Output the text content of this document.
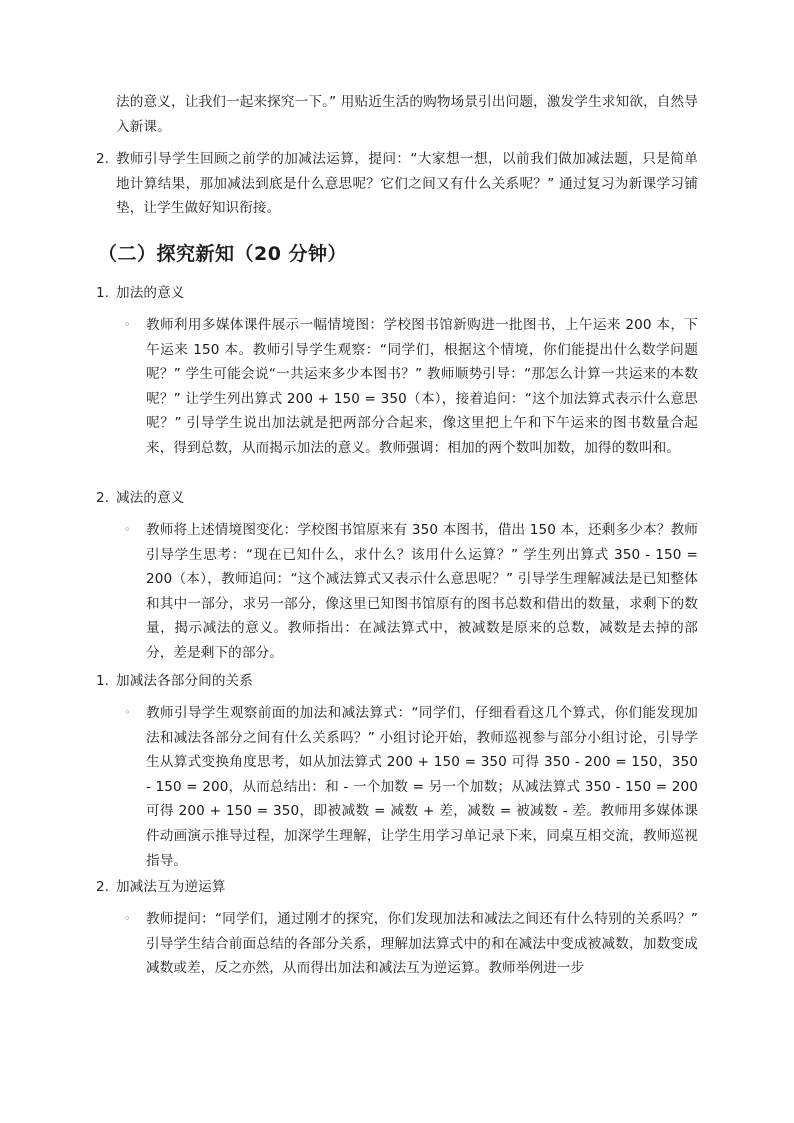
法的意义，让我们一起来探究一下。” 用贴近生活的购物场景引出问题，激发学生求知欲，自然导入新课。

2. 教师引导学生回顾之前学的加减法运算，提问：“大家想一想，以前我们做加减法题，只是简单地计算结果，那加减法到底是什么意思呢？它们之间又有什么关系呢？” 通过复习为新课学习铺垫，让学生做好知识衔接。

（二）探究新知（20 分钟）
1. 加法的意义
◦ 教师利用多媒体课件展示一幅情境图：学校图书馆新购进一批图书，上午运来 200 本，下午运来 150 本。教师引导学生观察：“同学们，根据这个情境，你们能提出什么数学问题呢？” 学生可能会说“一共运来多少本图书？” 教师顺势引导：“那怎么计算一共运来的本数呢？” 让学生列出算式 200 + 150 = 350（本），接着追问：“这个加法算式表示什么意思呢？” 引导学生说出加法就是把两部分合起来，像这里把上午和下午运来的图书数量合起来，得到总数，从而揭示加法的意义。教师强调：相加的两个数叫加数，加得的数叫和。

2. 减法的意义
◦ 教师将上述情境图变化：学校图书馆原来有 350 本图书，借出 150 本，还剩多少本？教师引导学生思考：“现在已知什么，求什么？该用什么运算？” 学生列出算式 350 - 150 = 200（本），教师追问：“这个减法算式又表示什么意思呢？” 引导学生理解减法是已知整体和其中一部分，求另一部分，像这里已知图书馆原有的图书总数和借出的数量，求剩下的数量，揭示减法的意义。教师指出：在减法算式中，被减数是原来的总数，减数是去掉的部分，差是剩下的部分。

1. 加减法各部分间的关系
◦ 教师引导学生观察前面的加法和减法算式：“同学们，仔细看看这几个算式，你们能发现加法和减法各部分之间有什么关系吗？” 小组讨论开始，教师巡视参与部分小组讨论，引导学生从算式变换角度思考，如从加法算式 200 + 150 = 350 可得 350 - 200 = 150，350 - 150 = 200，从而总结出：和 - 一个加数 = 另一个加数；从减法算式 350 - 150 = 200 可得 200 + 150 = 350，即被减数 = 减数 + 差，减数 = 被减数 - 差。教师用多媒体课件动画演示推导过程，加深学生理解，让学生用学习单记录下来，同桌互相交流，教师巡视指导。

2. 加减法互为逆运算
◦ 教师提问：“同学们，通过刚才的探究，你们发现加法和减法之间还有什么特别的关系吗？” 引导学生结合前面总结的各部分关系，理解加法算式中的和在减法中变成被减数，加数变成减数或差，反之亦然，从而得出加法和减法互为逆运算。教师举例进一步
